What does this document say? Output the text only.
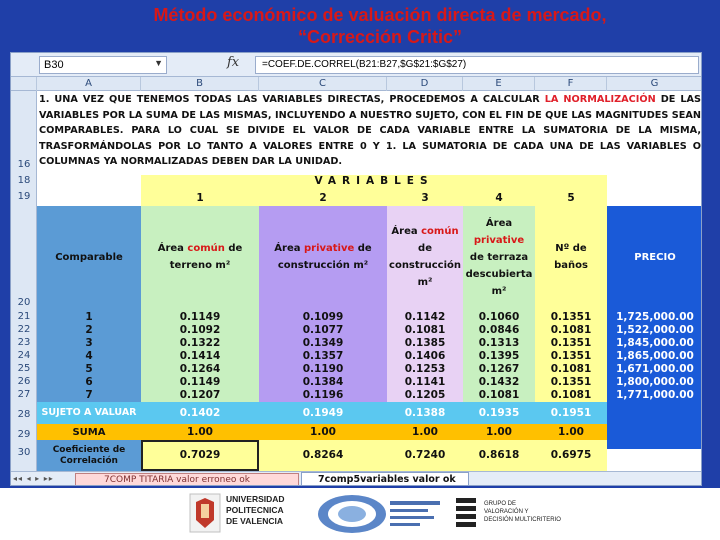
Método económico de valuación directa de mercado,
“Corrección Critic”
B30	▼	fx	=COEF.DE.CORREL(B21:B27,$G$21:$G$27)
A	B	C	D	E	F	G
16
18
19
20
21
22
23
24
25
26
27
28
29
30
1. UNA VEZ QUE TENEMOS TODAS LAS VARIABLES DIRECTAS, PROCEDEMOS A CALCULAR LA NORMALIZACIÓN DE LAS VARIABLES POR LA SUMA DE LAS MISMAS, INCLUYENDO A NUESTRO SUJETO, CON EL FIN DE QUE LAS MAGNITUDES SEAN COMPARABLES. PARA LO CUAL SE DIVIDE EL VALOR DE CADA VARIABLE ENTRE LA SUMATORIA DE LA MISMA, TRASFORMÁNDOLAS POR LO TANTO A VALORES ENTRE 0 Y 1. LA SUMATORIA DE CADA UNA DE LAS VARIABLES O COLUMNAS YA NORMALIZADAS DEBEN DAR LA UNIDAD.
VARIABLES
1	2	3	4	5
Comparable
Área común de terreno m²
Área privative de construcción m²
Área común de construcción m²
Área privative de terraza descubierta m²
Nº de baños
PRECIO
1	0.1149	0.1099	0.1142	0.1060	0.1351	1,725,000.00
2	0.1092	0.1077	0.1081	0.0846	0.1081	1,522,000.00
3	0.1322	0.1349	0.1385	0.1313	0.1351	1,845,000.00
4	0.1414	0.1357	0.1406	0.1395	0.1351	1,865,000.00
5	0.1264	0.1190	0.1253	0.1267	0.1081	1,671,000.00
6	0.1149	0.1384	0.1141	0.1432	0.1351	1,800,000.00
7	0.1207	0.1196	0.1205	0.1081	0.1081	1,771,000.00
SUJETO A VALUAR	0.1402	0.1949	0.1388	0.1935	0.1951
SUMA	1.00	1.00	1.00	1.00	1.00
Coeficiente de Correlación	0.7029	0.8264	0.7240	0.8618	0.6975
◂◂ ◂ ▸ ▸▸	7COMP TITARIA valor erroneo ok	7comp5variables valor ok
UNIVERSIDAD
POLITECNICA
DE VALENCIA
GRUPO DE
VALORACIÓN Y
DECISIÓN MULTICRITERIO	53
